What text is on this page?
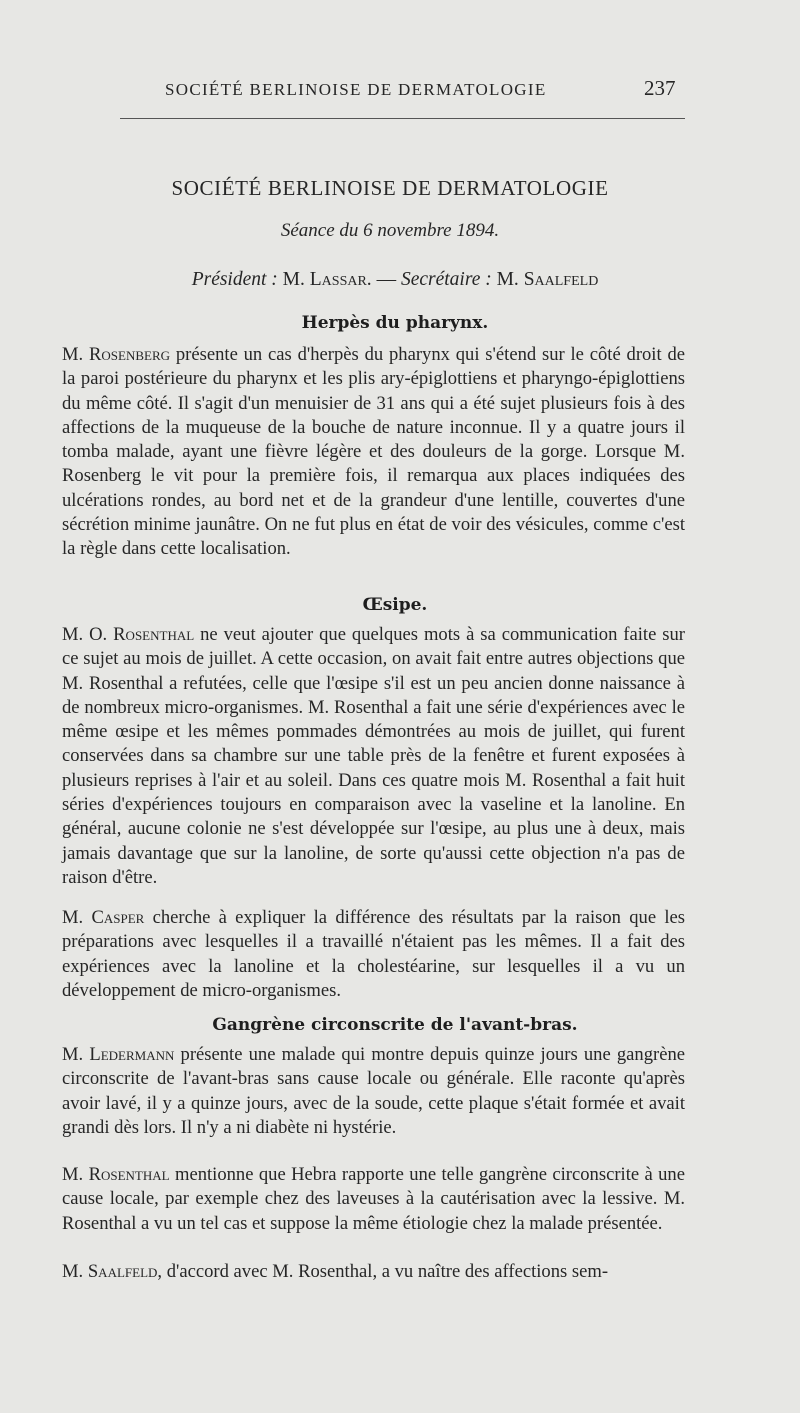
SOCIÉTÉ BERLINOISE DE DERMATOLOGIE	237
SOCIÉTÉ BERLINOISE DE DERMATOLOGIE
Séance du 6 novembre 1894.
Président : M. Lassar. — Secrétaire : M. Saalfeld
Herpès du pharynx.

M. Rosenberg présente un cas d'herpès du pharynx qui s'étend sur le côté droit de la paroi postérieure du pharynx et les plis ary-épiglottiens et pharyngo-épiglottiens du même côté. Il s'agit d'un menuisier de 31 ans qui a été sujet plusieurs fois à des affections de la muqueuse de la bouche de nature inconnue. Il y a quatre jours il tomba malade, ayant une fièvre légère et des douleurs de la gorge. Lorsque M. Rosenberg le vit pour la première fois, il remarqua aux places indiquées des ulcérations rondes, au bord net et de la grandeur d'une lentille, couvertes d'une sécrétion minime jaunâtre. On ne fut plus en état de voir des vésicules, comme c'est la règle dans cette localisation.

Œsipe.

M. O. Rosenthal ne veut ajouter que quelques mots à sa communication faite sur ce sujet au mois de juillet. A cette occasion, on avait fait entre autres objections que M. Rosenthal a refutées, celle que l'œsipe s'il est un peu ancien donne naissance à de nombreux micro-organismes. M. Rosenthal a fait une série d'expériences avec le même œsipe et les mêmes pommades démontrées au mois de juillet, qui furent conservées dans sa chambre sur une table près de la fenêtre et furent exposées à plusieurs reprises à l'air et au soleil. Dans ces quatre mois M. Rosenthal a fait huit séries d'expériences toujours en comparaison avec la vaseline et la lanoline. En général, aucune colonie ne s'est développée sur l'œsipe, au plus une à deux, mais jamais davantage que sur la lanoline, de sorte qu'aussi cette objection n'a pas de raison d'être.

M. Casper cherche à expliquer la différence des résultats par la raison que les préparations avec lesquelles il a travaillé n'étaient pas les mêmes. Il a fait des expériences avec la lanoline et la cholestéarine, sur lesquelles il a vu un développement de micro-organismes.

Gangrène circonscrite de l'avant-bras.

M. Ledermann présente une malade qui montre depuis quinze jours une gangrène circonscrite de l'avant-bras sans cause locale ou générale. Elle raconte qu'après avoir lavé, il y a quinze jours, avec de la soude, cette plaque s'était formée et avait grandi dès lors. Il n'y a ni diabète ni hystérie.

M. Rosenthal mentionne que Hebra rapporte une telle gangrène circonscrite à une cause locale, par exemple chez des laveuses à la cautérisation avec la lessive. M. Rosenthal a vu un tel cas et suppose la même étiologie chez la malade présentée.

M. Saalfeld, d'accord avec M. Rosenthal, a vu naître des affections sem-
